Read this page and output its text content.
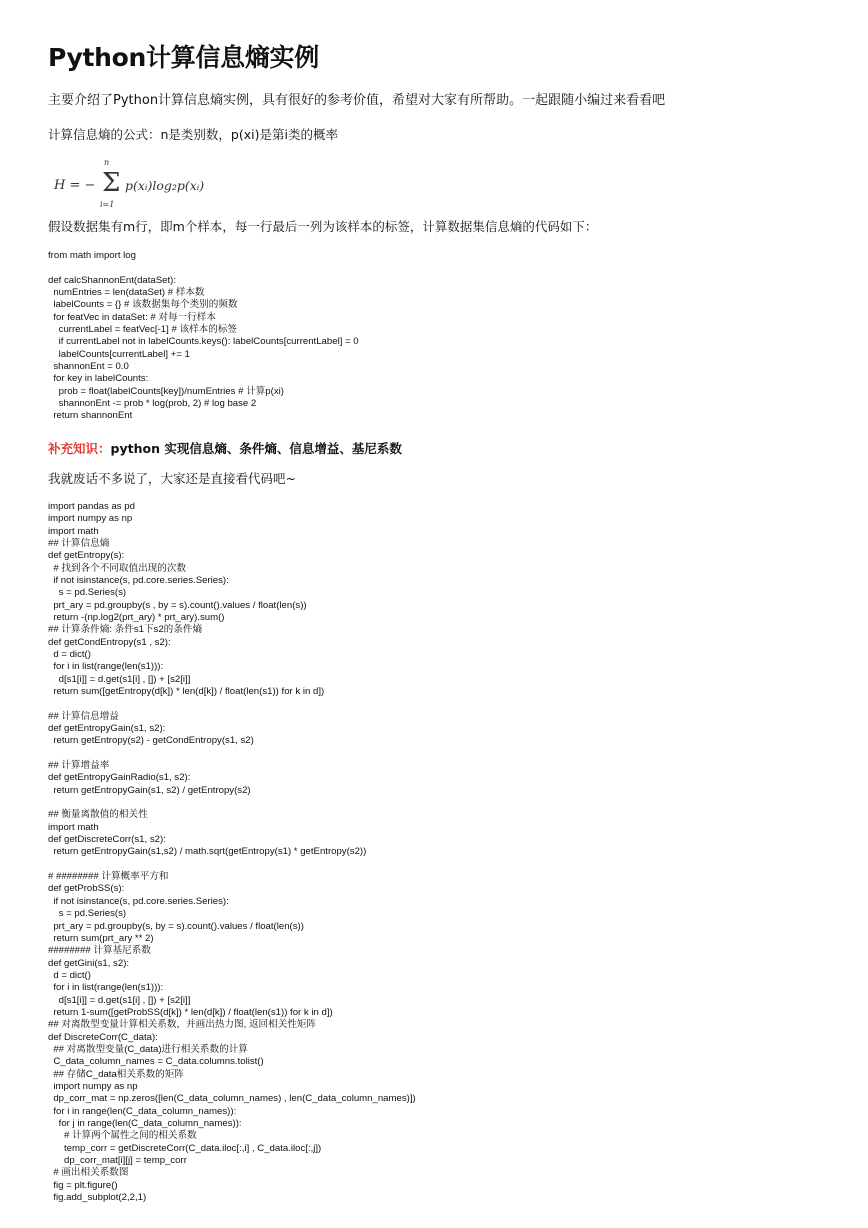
Python计算信息熵实例

主要介绍了Python计算信息熵实例，具有很好的参考价值，希望对大家有所帮助。一起跟随小编过来看看吧

计算信息熵的公式：n是类别数，p(xi)是第i类的概率

H = −
n
Σ
i=1
p(xᵢ)log₂p(xᵢ)

假设数据集有m行，即m个样本，每一行最后一列为该样本的标签，计算数据集信息熵的代码如下：

from math import log

def calcShannonEnt(dataSet):
numEntries = len(dataSet) # 样本数
labelCounts = {} # 该数据集每个类别的频数
for featVec in dataSet: # 对每一行样本
currentLabel = featVec[-1] # 该样本的标签
if currentLabel not in labelCounts.keys(): labelCounts[currentLabel] = 0
labelCounts[currentLabel] += 1
shannonEnt = 0.0
for key in labelCounts:
prob = float(labelCounts[key])/numEntries # 计算p(xi)
shannonEnt -= prob * log(prob, 2) # log base 2
return shannonEnt

补充知识：python 实现信息熵、条件熵、信息增益、基尼系数

我就废话不多说了，大家还是直接看代码吧~

import pandas as pd
import numpy as np
import math
## 计算信息熵
def getEntropy(s):
# 找到各个不同取值出现的次数
if not isinstance(s, pd.core.series.Series):
s = pd.Series(s)
prt_ary = pd.groupby(s , by = s).count().values / float(len(s))
return -(np.log2(prt_ary) * prt_ary).sum()
## 计算条件熵: 条件s1下s2的条件熵
def getCondEntropy(s1 , s2):
d = dict()
for i in list(range(len(s1))):
d[s1[i]] = d.get(s1[i] , []) + [s2[i]]
return sum([getEntropy(d[k]) * len(d[k]) / float(len(s1)) for k in d])

## 计算信息增益
def getEntropyGain(s1, s2):
return getEntropy(s2) - getCondEntropy(s1, s2)

## 计算增益率
def getEntropyGainRadio(s1, s2):
return getEntropyGain(s1, s2) / getEntropy(s2)

## 衡量离散值的相关性
import math
def getDiscreteCorr(s1, s2):
return getEntropyGain(s1,s2) / math.sqrt(getEntropy(s1) * getEntropy(s2))

# ######## 计算概率平方和
def getProbSS(s):
if not isinstance(s, pd.core.series.Series):
s = pd.Series(s)
prt_ary = pd.groupby(s, by = s).count().values / float(len(s))
return sum(prt_ary ** 2)
######## 计算基尼系数
def getGini(s1, s2):
d = dict()
for i in list(range(len(s1))):
d[s1[i]] = d.get(s1[i] , []) + [s2[i]]
return 1-sum([getProbSS(d[k]) * len(d[k]) / float(len(s1)) for k in d])
## 对离散型变量计算相关系数，并画出热力图, 返回相关性矩阵
def DiscreteCorr(C_data):
## 对离散型变量(C_data)进行相关系数的计算
C_data_column_names = C_data.columns.tolist()
## 存储C_data相关系数的矩阵
import numpy as np
dp_corr_mat = np.zeros([len(C_data_column_names) , len(C_data_column_names)])
for i in range(len(C_data_column_names)):
for j in range(len(C_data_column_names)):
# 计算两个属性之间的相关系数
temp_corr = getDiscreteCorr(C_data.iloc[:,i] , C_data.iloc[:,j])
dp_corr_mat[i][j] = temp_corr
# 画出相关系数图
fig = plt.figure()
fig.add_subplot(2,2,1)
